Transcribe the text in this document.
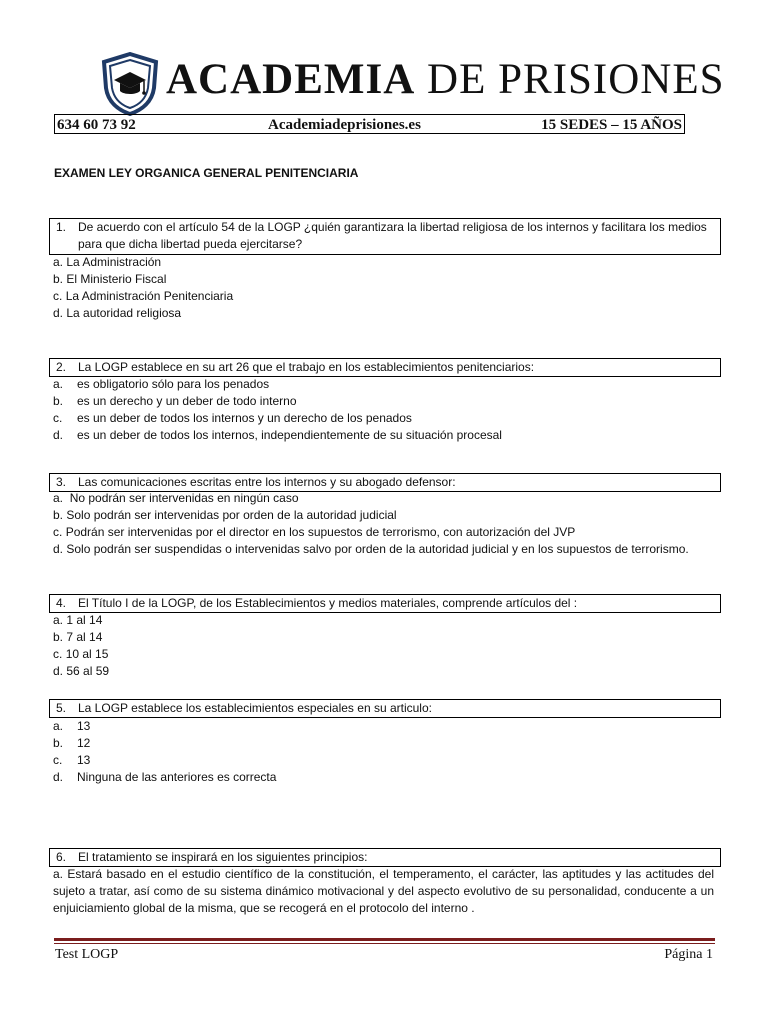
ACADEMIA DE PRISIONES
634 60 73 92	Academiadeprisiones.es	15 SEDES – 15 AÑOS
EXAMEN LEY ORGANICA GENERAL PENITENCIARIA
1. De acuerdo con el artículo 54 de la LOGP ¿quién garantizara la libertad religiosa de los internos y facilitara los medios para que dicha libertad pueda ejercitarse?
a. La Administración
b. El Ministerio Fiscal
c. La Administración Penitenciaria
d. La autoridad religiosa
2. La LOGP establece en su art 26 que el trabajo en los establecimientos penitenciarios:
a. es obligatorio sólo para los penados
b. es un derecho y un deber de todo interno
c. es un deber de todos los internos y un derecho de los penados
d. es un deber de todos los internos, independientemente de su situación procesal
3. Las comunicaciones escritas entre los internos y su abogado defensor:
a. No podrán ser intervenidas en ningún caso
b. Solo podrán ser intervenidas por orden de la autoridad judicial
c. Podrán ser intervenidas por el director en los supuestos de terrorismo, con autorización del JVP
d. Solo podrán ser suspendidas o intervenidas salvo por orden de la autoridad judicial y en los supuestos de terrorismo.
4. El Título I de la LOGP, de los Establecimientos y medios materiales, comprende artículos del :
a. 1 al 14
b. 7 al 14
c. 10 al 15
d. 56 al 59
5. La LOGP establece los establecimientos especiales en su articulo:
a. 13
b. 12
c. 13
d. Ninguna de las anteriores es correcta
6. El tratamiento se inspirará en los siguientes principios:
a. Estará basado en el estudio científico de la constitución, el temperamento, el carácter, las aptitudes y las actitudes del sujeto a tratar, así como de su sistema dinámico motivacional y del aspecto evolutivo de su personalidad, conducente a un enjuiciamiento global de la misma, que se recogerá en el protocolo del interno .
Test LOGP	Página 1
